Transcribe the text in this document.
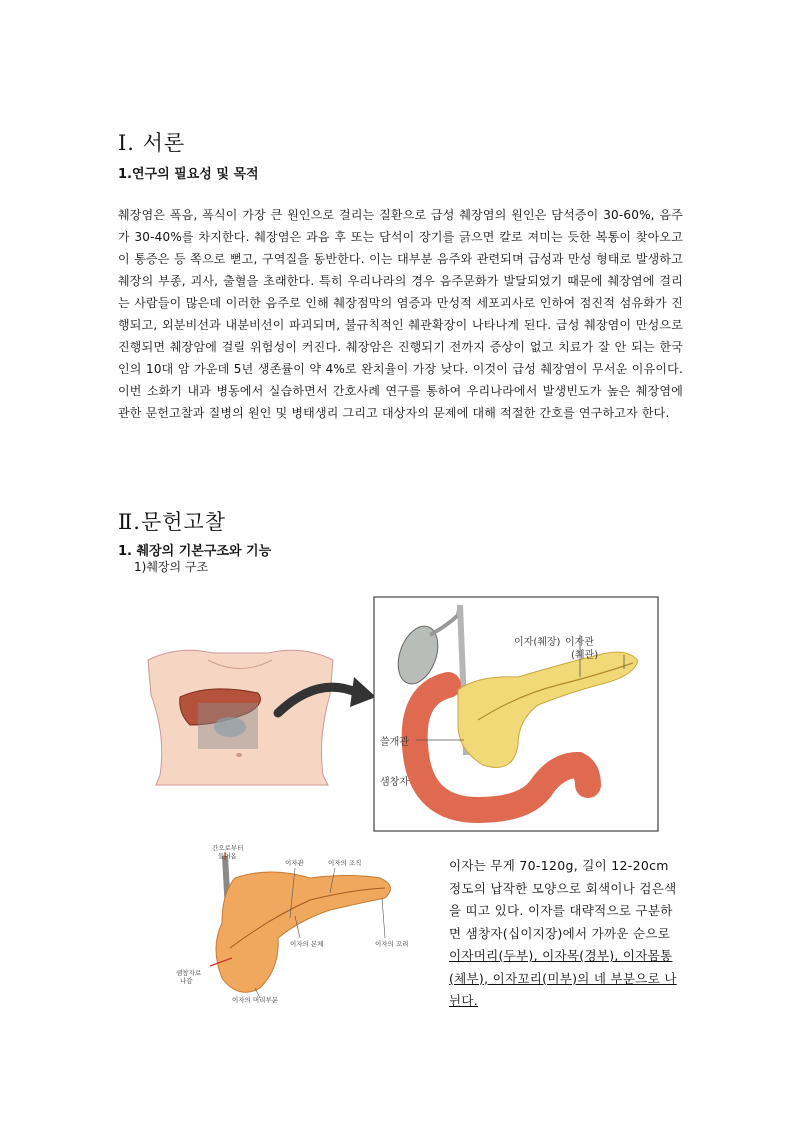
Ⅰ. 서론
1.연구의 필요성 및 목적
췌장염은 폭음, 폭식이 가장 큰 원인으로 걸리는 질환으로 급성 췌장염의 원인은 담석증이 30-60%, 음주가 30-40%를 차지한다. 췌장염은 과음 후 또는 담석이 장기를 긁으면 칼로 져미는 듯한 복통이 찾아오고 이 통증은 등 쪽으로 뻗고, 구역질을 동반한다. 이는 대부분 음주와 관련되며 급성과 만성 형태로 발생하고 췌장의 부종, 괴사, 출혈을 초래한다. 특히 우리나라의 경우 음주문화가 발달되었기 때문에 췌장염에 걸리는 사람들이 많은데 이러한 음주로 인해 췌장점막의 염증과 만성적 세포괴사로 인하여 점진적 섬유화가 진행되고, 외분비선과 내분비선이 파괴되며, 불규칙적인 췌관확장이 나타나게 된다. 급성 췌장염이 만성으로 진행되면 췌장암에 걸릴 위험성이 커진다. 췌장암은 진행되기 전까지 증상이 없고 치료가 잘 안 되는 한국인의 10대 암 가운데 5년 생존률이 약 4%로 완치율이 가장 낮다. 이것이 급성 췌장염이 무서운 이유이다. 이번 소화기 내과 병동에서 실습하면서 간호사례 연구를 통하여 우리나라에서 발생빈도가 높은 췌장염에 관한 문헌고찰과 질병의 원인 및 병태생리 그리고 대상자의 문제에 대해 적절한 간호를 연구하고자 한다.
Ⅱ.문헌고찰
1. 췌장의 기본구조와 기능
1)췌장의 구조
이자(췌장) 이자관
(췌관)
쓸개관
샘창자
간으로부터
들어옴
이자관	이자의 조직
이자의 본체	이자의 꼬리
샘창자로
나감
이자의 머리부분
이자는 무게 70-120g, 길이 12-20cm 정도의 납작한 모양으로 회색이나 검은색을 띠고 있다. 이자를 대략적으로 구분하면 샘창자(십이지장)에서 가까운 순으로 이자머리(두부), 이자목(경부), 이자몸통(체부), 이자꼬리(미부)의 네 부분으로 나뉜다.
